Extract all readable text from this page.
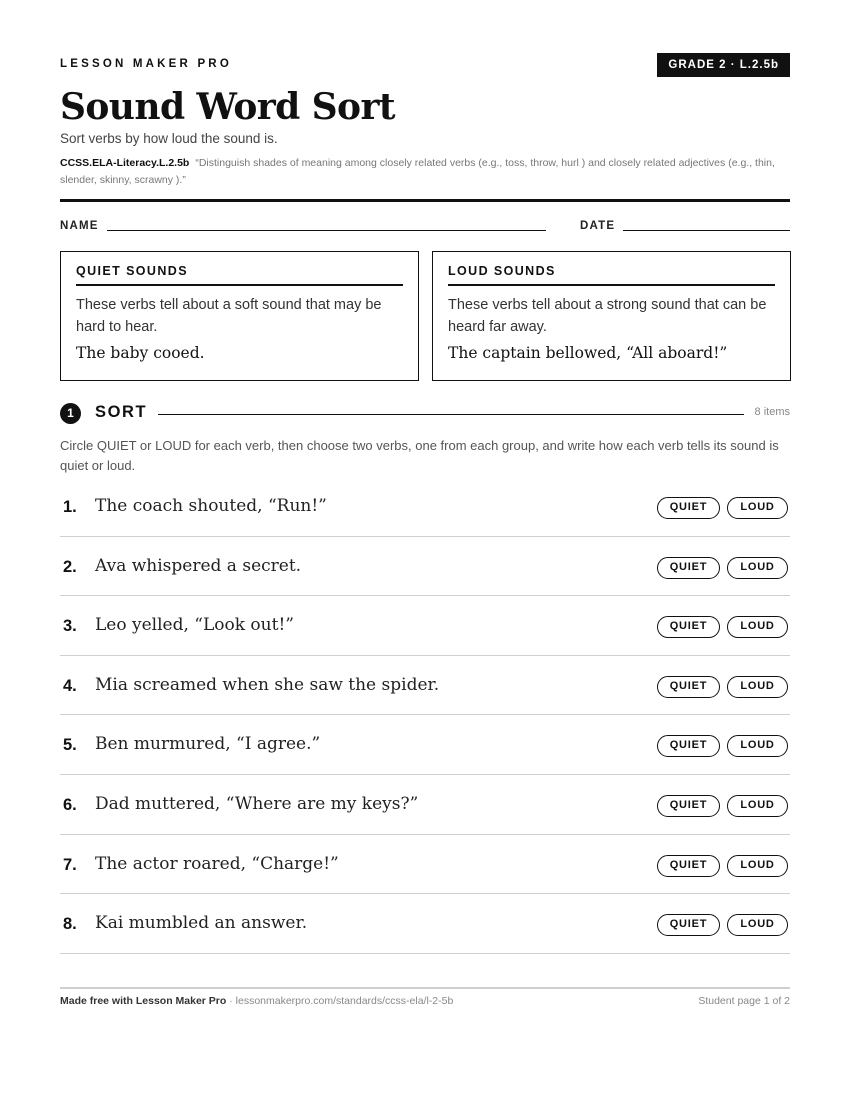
LESSON MAKER PRO	GRADE 2 · L.2.5b
Sound Word Sort
Sort verbs by how loud the sound is.
CCSS.ELA-Literacy.L.2.5b “Distinguish shades of meaning among closely related verbs (e.g., toss, throw, hurl ) and closely related adjectives (e.g., thin, slender, skinny, scrawny ).”
NAME	DATE
QUIET SOUNDS
These verbs tell about a soft sound that may be hard to hear.
The baby cooed.
LOUD SOUNDS
These verbs tell about a strong sound that can be heard far away.
The captain bellowed, “All aboard!”
1	SORT	8 items
Circle QUIET or LOUD for each verb, then choose two verbs, one from each group, and write how each verb tells its sound is quiet or loud.
1. The coach shouted, “Run!”	QUIET	LOUD
2. Ava whispered a secret.	QUIET	LOUD
3. Leo yelled, “Look out!”	QUIET	LOUD
4. Mia screamed when she saw the spider.	QUIET	LOUD
5. Ben murmured, “I agree.”	QUIET	LOUD
6. Dad muttered, “Where are my keys?”	QUIET	LOUD
7. The actor roared, “Charge!”	QUIET	LOUD
8. Kai mumbled an answer.	QUIET	LOUD
Made free with Lesson Maker Pro · lessonmakerpro.com/standards/ccss-ela/l-2-5b	Student page 1 of 2
